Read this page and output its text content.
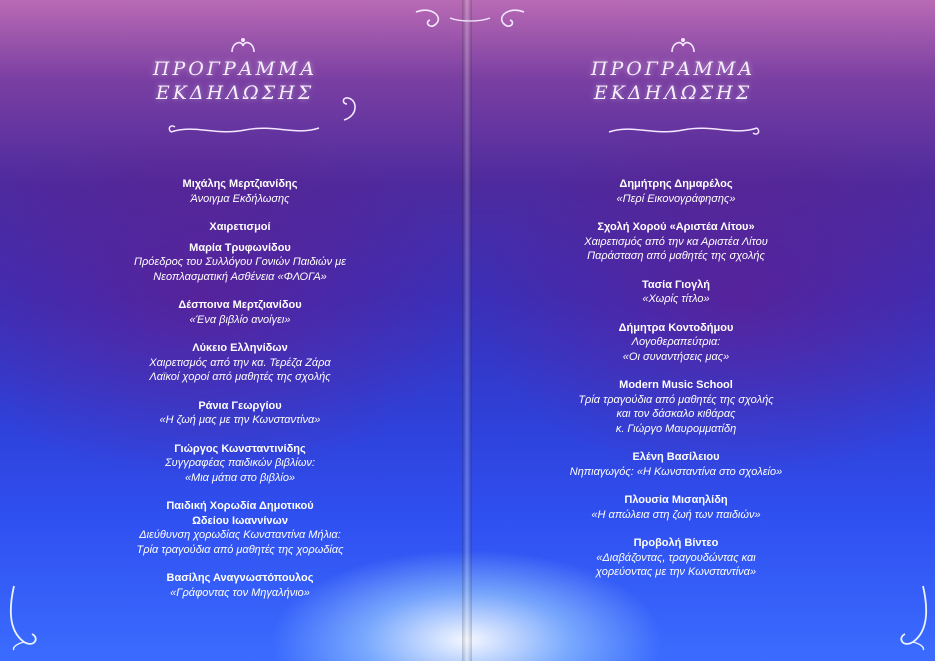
ΠΡΟΓΡΑΜΜΑ
ΕΚΔΗΛΩΣΗΣ
Μιχάλης Μερτζιανίδης
Άνοιγμα Εκδήλωσης
Χαιρετισμοί
Μαρία Τρυφωνίδου
Πρόεδρος του Συλλόγου Γονιών Παιδιών με
Νεοπλασματική Ασθένεια «ΦΛΟΓΑ»
Δέσποινα Μερτζιανίδου
«Ένα βιβλίο ανοίγει»
Λύκειο Ελληνίδων
Χαιρετισμός από την κα. Τερέζα Ζάρα
Λαϊκοί χοροί από μαθητές της σχολής
Ράνια Γεωργίου
«Η ζωή μας με την Κωνσταντίνα»
Γιώργος Κωνσταντινίδης
Συγγραφέας παιδικών βιβλίων:
«Μια μάτια στο βιβλίο»
Παιδική Χορωδία Δημοτικού
Ωδείου Ιωαννίνων
Διεύθυνση χορωδίας Κωνσταντίνα Μήλια:
Τρία τραγούδια από μαθητές της χορωδίας
Βασίλης Αναγνωστόπουλος
«Γράφοντας τον Μηγαλήνιο»
ΠΡΟΓΡΑΜΜΑ
ΕΚΔΗΛΩΣΗΣ
Δημήτρης Δημαρέλος
«Περί Εικονογράφησης»
Σχολή Χορού «Αριστέα Λίτου»
Χαιρετισμός από την κα Αριστέα Λίτου
Παράσταση από μαθητές της σχολής
Τασία Γιογλή
«Χωρίς τίτλο»
Δήμητρα Κοντοδήμου
Λογοθεραπεύτρια:
«Οι συναντήσεις μας»
Modern Music School
Τρία τραγούδια από μαθητές της σχολής
και τον δάσκαλο κιθάρας
κ. Γιώργο Μαυρομματίδη
Ελένη Βασίλειου
Νηπιαγωγός: «Η Κωνσταντίνα στο σχολείο»
Πλουσία Μισαηλίδη
«Η απώλεια στη ζωή των παιδιών»
Προβολή Βίντεο
«Διαβάζοντας, τραγουδώντας και
χορεύοντας με την Κωνσταντίνα»
